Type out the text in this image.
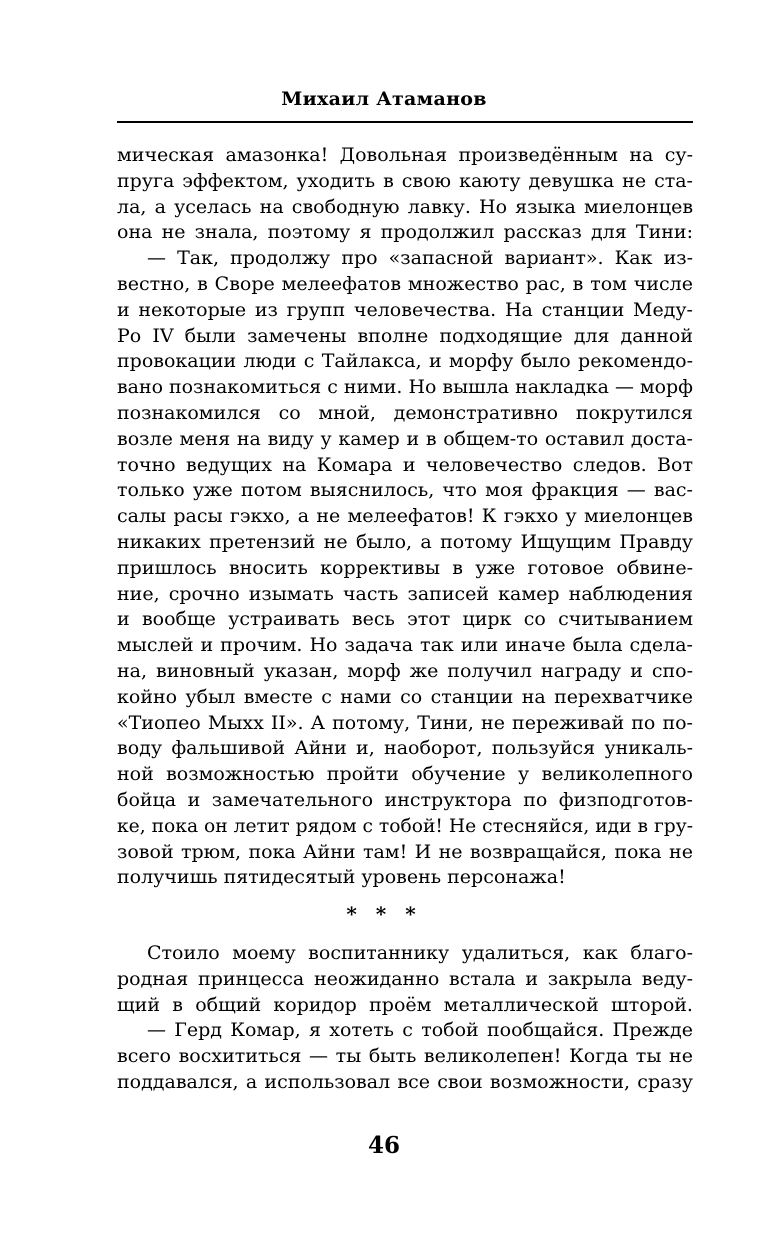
Михаил Атаманов
мическая амазонка! Довольная произведённым на су-
пруга эффектом, уходить в свою каюту девушка не ста-
ла, а уселась на свободную лавку. Но языка миелонцев
она не знала, поэтому я продолжил рассказ для Тини:
— Так, продолжу про «запасной вариант». Как из-
вестно, в Своре мелеефатов множество рас, в том числе
и некоторые из групп человечества. На станции Меду-
Ро IV были замечены вполне подходящие для данной
провокации люди с Тайлакса, и морфу было рекомендо-
вано познакомиться с ними. Но вышла накладка — морф
познакомился со мной, демонстративно покрутился
возле меня на виду у камер и в общем-то оставил доста-
точно ведущих на Комара и человечество следов. Вот
только уже потом выяснилось, что моя фракция — вас-
салы расы гэкхо, а не мелеефатов! К гэкхо у миелонцев
никаких претензий не было, а потому Ищущим Правду
пришлось вносить коррективы в уже готовое обвине-
ние, срочно изымать часть записей камер наблюдения
и вообще устраивать весь этот цирк со считыванием
мыслей и прочим. Но задача так или иначе была сдела-
на, виновный указан, морф же получил награду и спо-
койно убыл вместе с нами со станции на перехватчике
«Тиопео Мыхх II». А потому, Тини, не переживай по по-
воду фальшивой Айни и, наоборот, пользуйся уникаль-
ной возможностью пройти обучение у великолепного
бойца и замечательного инструктора по физподготов-
ке, пока он летит рядом с тобой! Не стесняйся, иди в гру-
зовой трюм, пока Айни там! И не возвращайся, пока не
получишь пятидесятый уровень персонажа!
* * *
Стоило моему воспитаннику удалиться, как благо-
родная принцесса неожиданно встала и закрыла веду-
щий в общий коридор проём металлической шторой.
— Герд Комар, я хотеть с тобой пообщайся. Прежде
всего восхититься — ты быть великолепен! Когда ты не
поддавался, а использовал все свои возможности, сразу
46
